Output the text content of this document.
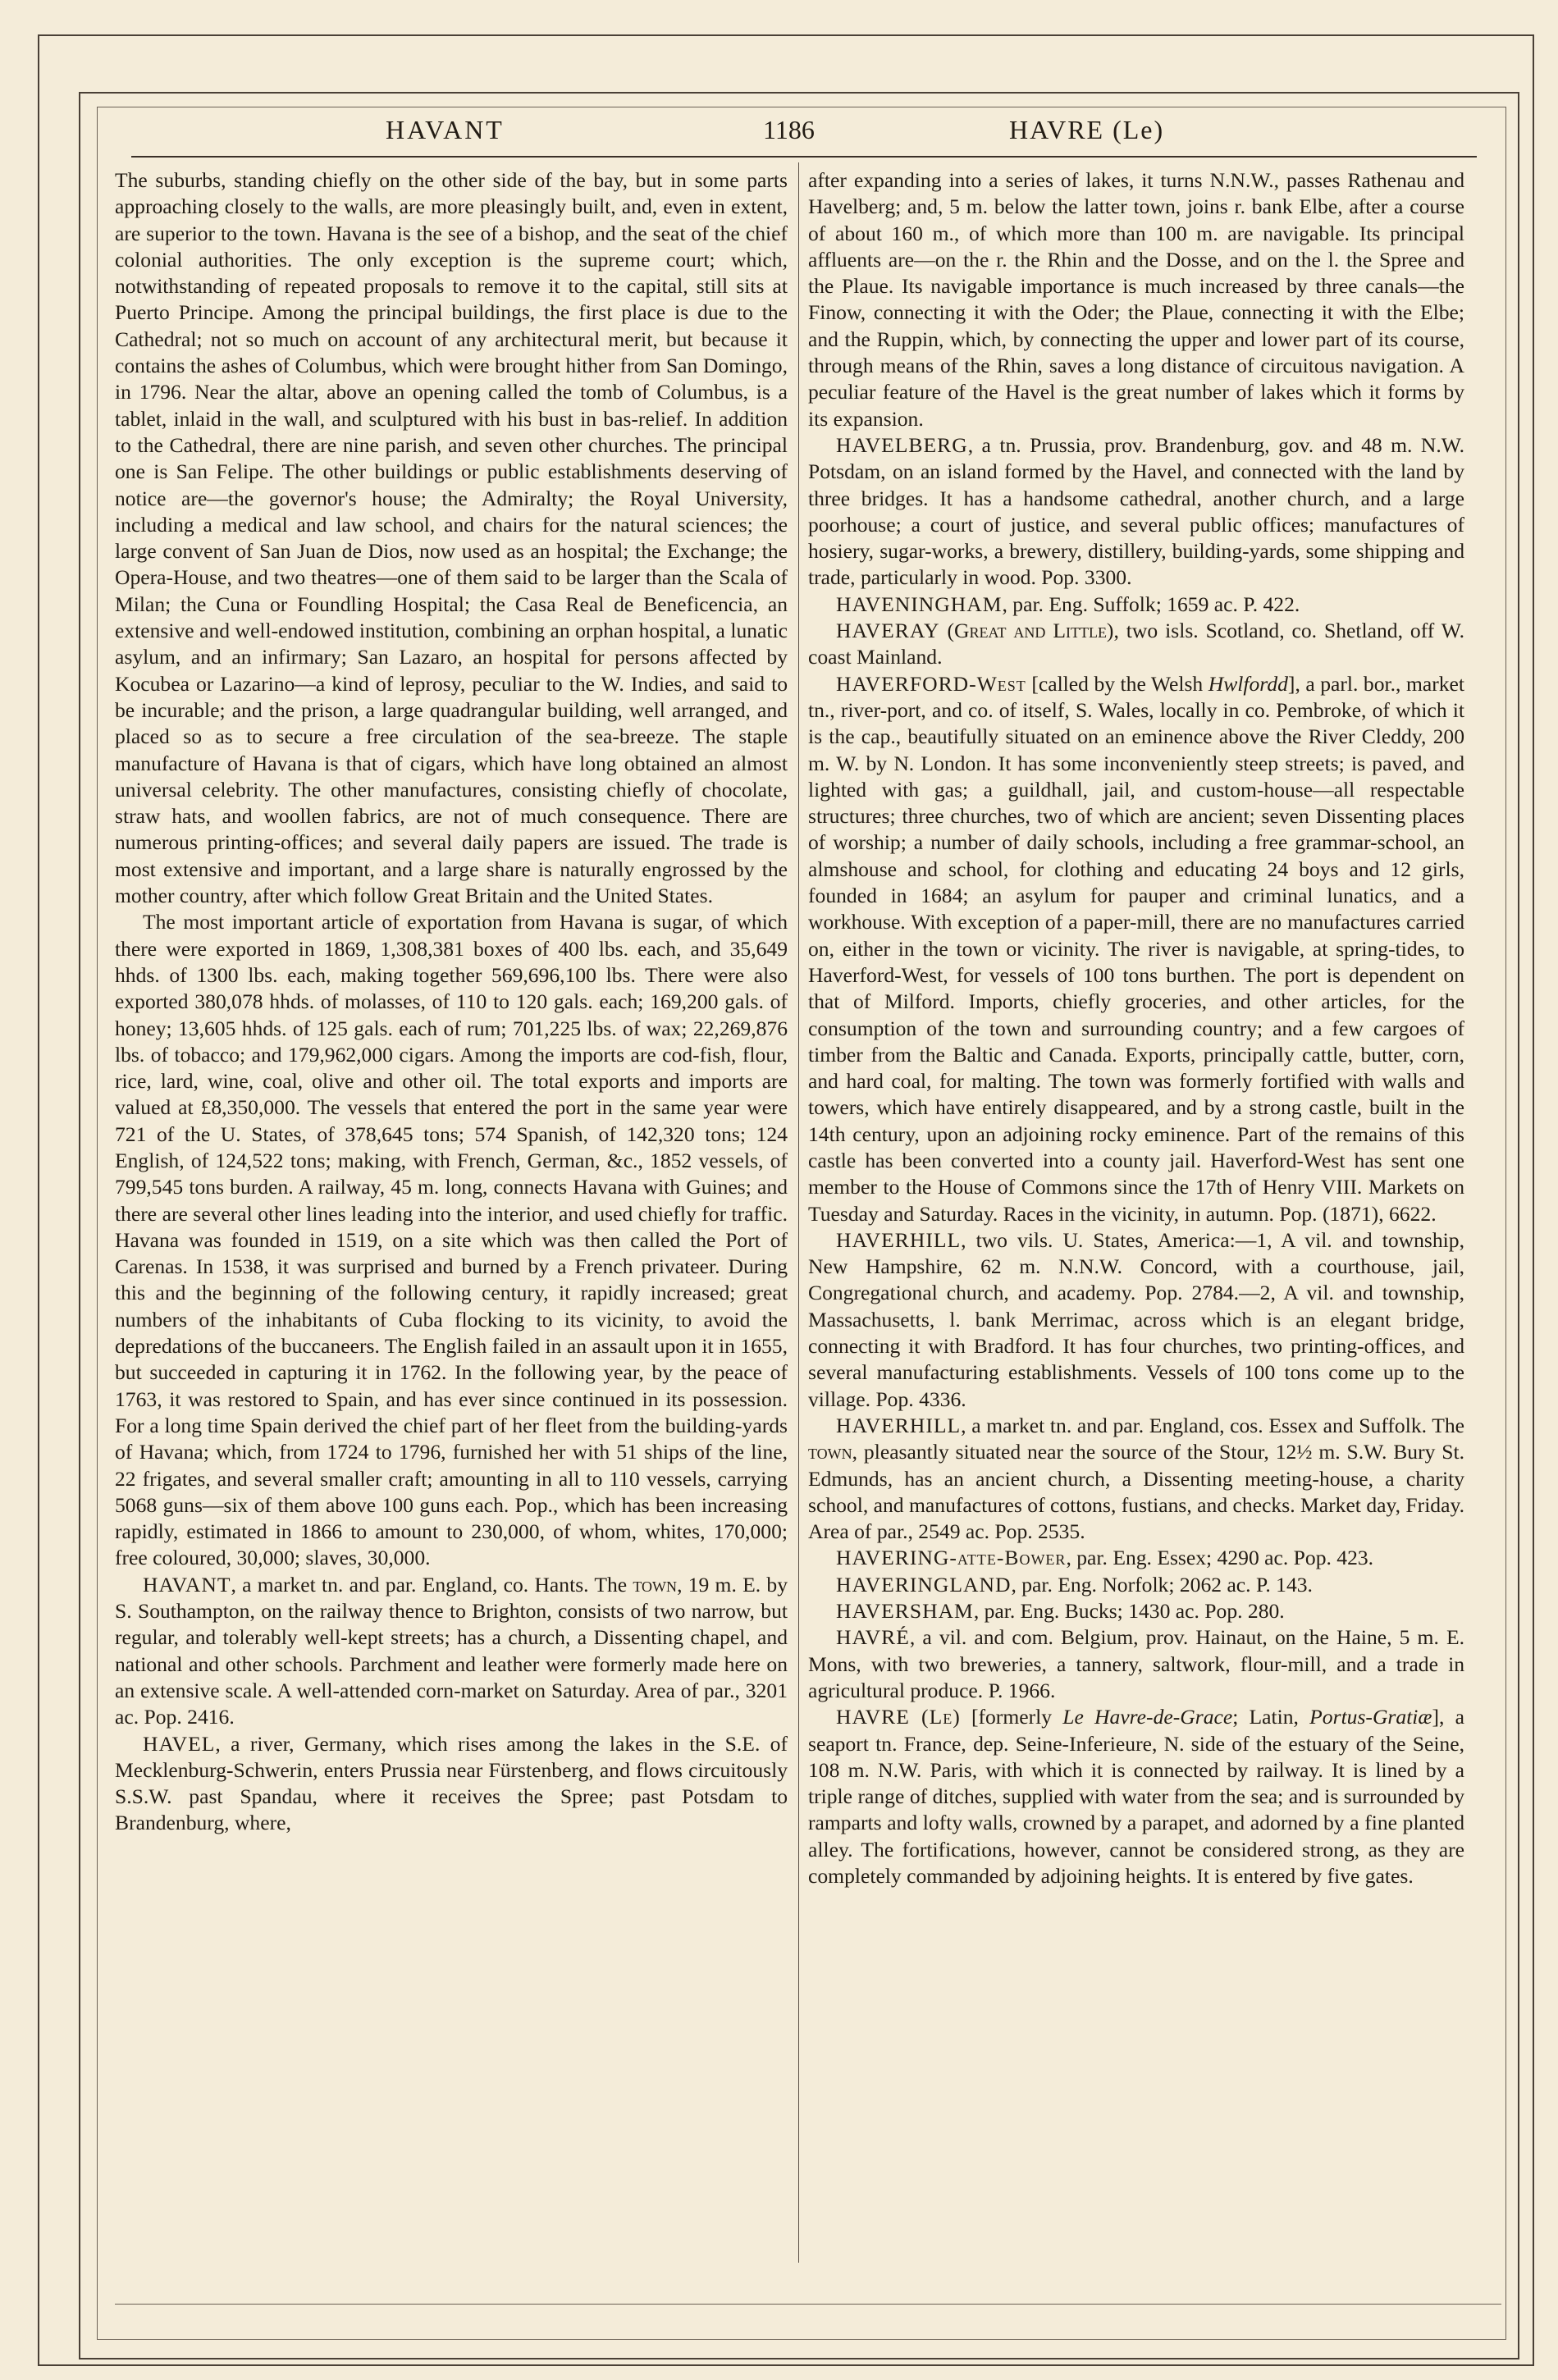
HAVANT	1186	HAVRE (Le)

The suburbs, standing chiefly on the other side of the bay, but in some parts approaching closely to the walls, are more pleasingly built, and, even in extent, are superior to the town. Havana is the see of a bishop, and the seat of the chief colonial authorities. The only exception is the supreme court; which, notwithstanding of repeated proposals to remove it to the capital, still sits at Puerto Principe. Among the principal buildings, the first place is due to the Cathedral; not so much on account of any architectural merit, but because it contains the ashes of Columbus, which were brought hither from San Domingo, in 1796. Near the altar, above an opening called the tomb of Columbus, is a tablet, inlaid in the wall, and sculptured with his bust in bas-relief. In addition to the Cathedral, there are nine parish, and seven other churches. The principal one is San Felipe. The other buildings or public establishments deserving of notice are—the governor's house; the Admiralty; the Royal University, including a medical and law school, and chairs for the natural sciences; the large convent of San Juan de Dios, now used as an hospital; the Exchange; the Opera-House, and two theatres—one of them said to be larger than the Scala of Milan; the Cuna or Foundling Hospital; the Casa Real de Beneficencia, an extensive and well-endowed institution, combining an orphan hospital, a lunatic asylum, and an infirmary; San Lazaro, an hospital for persons affected by Kocubea or Lazarino—a kind of leprosy, peculiar to the W. Indies, and said to be incurable; and the prison, a large quadrangular building, well arranged, and placed so as to secure a free circulation of the sea-breeze. The staple manufacture of Havana is that of cigars, which have long obtained an almost universal celebrity. The other manufactures, consisting chiefly of chocolate, straw hats, and woollen fabrics, are not of much consequence. There are numerous printing-offices; and several daily papers are issued. The trade is most extensive and important, and a large share is naturally engrossed by the mother country, after which follow Great Britain and the United States.

The most important article of exportation from Havana is sugar, of which there were exported in 1869, 1,308,381 boxes of 400 lbs. each, and 35,649 hhds. of 1300 lbs. each, making together 569,696,100 lbs. There were also exported 380,078 hhds. of molasses, of 110 to 120 gals. each; 169,200 gals. of honey; 13,605 hhds. of 125 gals. each of rum; 701,225 lbs. of wax; 22,269,876 lbs. of tobacco; and 179,962,000 cigars. Among the imports are cod-fish, flour, rice, lard, wine, coal, olive and other oil. The total exports and imports are valued at £8,350,000. The vessels that entered the port in the same year were 721 of the U. States, of 378,645 tons; 574 Spanish, of 142,320 tons; 124 English, of 124,522 tons; making, with French, German, &c., 1852 vessels, of 799,545 tons burden. A railway, 45 m. long, connects Havana with Guines; and there are several other lines leading into the interior, and used chiefly for traffic. Havana was founded in 1519, on a site which was then called the Port of Carenas. In 1538, it was surprised and burned by a French privateer. During this and the beginning of the following century, it rapidly increased; great numbers of the inhabitants of Cuba flocking to its vicinity, to avoid the depredations of the buccaneers. The English failed in an assault upon it in 1655, but succeeded in capturing it in 1762. In the following year, by the peace of 1763, it was restored to Spain, and has ever since continued in its possession. For a long time Spain derived the chief part of her fleet from the building-yards of Havana; which, from 1724 to 1796, furnished her with 51 ships of the line, 22 frigates, and several smaller craft; amounting in all to 110 vessels, carrying 5068 guns—six of them above 100 guns each. Pop., which has been increasing rapidly, estimated in 1866 to amount to 230,000, of whom, whites, 170,000; free coloured, 30,000; slaves, 30,000.

HAVANT, a market tn. and par. England, co. Hants. The town, 19 m. E. by S. Southampton, on the railway thence to Brighton, consists of two narrow, but regular, and tolerably well-kept streets; has a church, a Dissenting chapel, and national and other schools. Parchment and leather were formerly made here on an extensive scale. A well-attended corn-market on Saturday. Area of par., 3201 ac. Pop. 2416.

HAVEL, a river, Germany, which rises among the lakes in the S.E. of Mecklenburg-Schwerin, enters Prussia near Fürstenberg, and flows circuitously S.S.W. past Spandau, where it receives the Spree; past Potsdam to Brandenburg, where,

after expanding into a series of lakes, it turns N.N.W., passes Rathenau and Havelberg; and, 5 m. below the latter town, joins r. bank Elbe, after a course of about 160 m., of which more than 100 m. are navigable. Its principal affluents are—on the r. the Rhin and the Dosse, and on the l. the Spree and the Plaue. Its navigable importance is much increased by three canals—the Finow, connecting it with the Oder; the Plaue, connecting it with the Elbe; and the Ruppin, which, by connecting the upper and lower part of its course, through means of the Rhin, saves a long distance of circuitous navigation. A peculiar feature of the Havel is the great number of lakes which it forms by its expansion.

HAVELBERG, a tn. Prussia, prov. Brandenburg, gov. and 48 m. N.W. Potsdam, on an island formed by the Havel, and connected with the land by three bridges. It has a handsome cathedral, another church, and a large poorhouse; a court of justice, and several public offices; manufactures of hosiery, sugar-works, a brewery, distillery, building-yards, some shipping and trade, particularly in wood. Pop. 3300.

HAVENINGHAM, par. Eng. Suffolk; 1659 ac. P. 422.

HAVERAY (Great and Little), two isls. Scotland, co. Shetland, off W. coast Mainland.

HAVERFORD-West [called by the Welsh Hwlfordd], a parl. bor., market tn., river-port, and co. of itself, S. Wales, locally in co. Pembroke, of which it is the cap., beautifully situated on an eminence above the River Cleddy, 200 m. W. by N. London. It has some inconveniently steep streets; is paved, and lighted with gas; a guildhall, jail, and custom-house—all respectable structures; three churches, two of which are ancient; seven Dissenting places of worship; a number of daily schools, including a free grammar-school, an almshouse and school, for clothing and educating 24 boys and 12 girls, founded in 1684; an asylum for pauper and criminal lunatics, and a workhouse. With exception of a paper-mill, there are no manufactures carried on, either in the town or vicinity. The river is navigable, at spring-tides, to Haverford-West, for vessels of 100 tons burthen. The port is dependent on that of Milford. Imports, chiefly groceries, and other articles, for the consumption of the town and surrounding country; and a few cargoes of timber from the Baltic and Canada. Exports, principally cattle, butter, corn, and hard coal, for malting. The town was formerly fortified with walls and towers, which have entirely disappeared, and by a strong castle, built in the 14th century, upon an adjoining rocky eminence. Part of the remains of this castle has been converted into a county jail. Haverford-West has sent one member to the House of Commons since the 17th of Henry VIII. Markets on Tuesday and Saturday. Races in the vicinity, in autumn. Pop. (1871), 6622.

HAVERHILL, two vils. U. States, America:—1, A vil. and township, New Hampshire, 62 m. N.N.W. Concord, with a courthouse, jail, Congregational church, and academy. Pop. 2784.—2, A vil. and township, Massachusetts, l. bank Merrimac, across which is an elegant bridge, connecting it with Bradford. It has four churches, two printing-offices, and several manufacturing establishments. Vessels of 100 tons come up to the village. Pop. 4336.

HAVERHILL, a market tn. and par. England, cos. Essex and Suffolk. The town, pleasantly situated near the source of the Stour, 12½ m. S.W. Bury St. Edmunds, has an ancient church, a Dissenting meeting-house, a charity school, and manufactures of cottons, fustians, and checks. Market day, Friday. Area of par., 2549 ac. Pop. 2535.

HAVERING-atte-Bower, par. Eng. Essex; 4290 ac. Pop. 423.

HAVERINGLAND, par. Eng. Norfolk; 2062 ac. P. 143.

HAVERSHAM, par. Eng. Bucks; 1430 ac. Pop. 280.

HAVRÉ, a vil. and com. Belgium, prov. Hainaut, on the Haine, 5 m. E. Mons, with two breweries, a tannery, saltwork, flour-mill, and a trade in agricultural produce. P. 1966.

HAVRE (Le) [formerly Le Havre-de-Grace; Latin, Portus-Gratiæ], a seaport tn. France, dep. Seine-Inferieure, N. side of the estuary of the Seine, 108 m. N.W. Paris, with which it is connected by railway. It is lined by a triple range of ditches, supplied with water from the sea; and is surrounded by ramparts and lofty walls, crowned by a parapet, and adorned by a fine planted alley. The fortifications, however, cannot be considered strong, as they are completely commanded by adjoining heights. It is entered by five gates.
